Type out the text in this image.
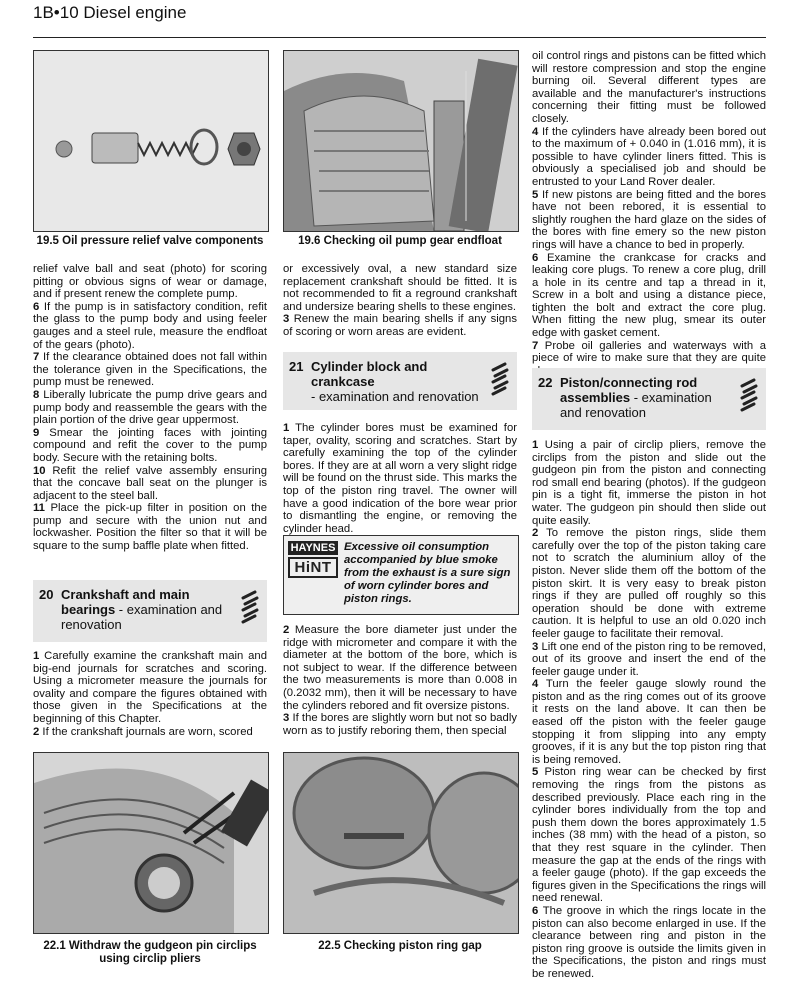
1B•10 Diesel engine
19.5 Oil pressure relief valve components	19.6 Checking oil pump gear endfloat

relief valve ball and seat (photo) for scoring pitting or obvious signs of wear or damage, and if present renew the complete pump.

6 If the pump is in satisfactory condition, refit the glass to the pump body and using feeler gauges and a steel rule, measure the endfloat of the gears (photo).

7 If the clearance obtained does not fall within the tolerance given in the Specifications, the pump must be renewed.

8 Liberally lubricate the pump drive gears and pump body and reassemble the gears with the plain portion of the drive gear uppermost.

9 Smear the jointing faces with jointing compound and refit the cover to the pump body. Secure with the retaining bolts.

10 Refit the relief valve assembly ensuring that the concave ball seat on the plunger is adjacent to the steel ball.

11 Place the pick-up filter in position on the pump and secure with the union nut and lockwasher. Position the filter so that it will be square to the sump baffle plate when fitted.

20 Crankshaft and main bearings - examination and renovation

1 Carefully examine the crankshaft main and big-end journals for scratches and scoring. Using a micrometer measure the journals for ovality and compare the figures obtained with those given in the Specifications at the beginning of this Chapter.

2 If the crankshaft journals are worn, scored

or excessively oval, a new standard size replacement crankshaft should be fitted. It is not recommended to fit a reground crankshaft and undersize bearing shells to these engines.

3 Renew the main bearing shells if any signs of scoring or worn areas are evident.

21 Cylinder block and crankcase
- examination and renovation

1 The cylinder bores must be examined for taper, ovality, scoring and scratches. Start by carefully examining the top of the cylinder bores. If they are at all worn a very slight ridge will be found on the thrust side. This marks the top of the piston ring travel. The owner will have a good indication of the bore wear prior to dismantling the engine, or removing the cylinder head.

HAYNES
HiNT
Excessive oil consumption accompanied by blue smoke from the exhaust is a sure sign of worn cylinder bores and piston rings.

2 Measure the bore diameter just under the ridge with micrometer and compare it with the diameter at the bottom of the bore, which is not subject to wear. If the difference between the two measurements is more than 0.008 in (0.2032 mm), then it will be necessary to have the cylinders rebored and fit oversize pistons.

3 If the bores are slightly worn but not so badly worn as to justify reboring them, then special

22.1 Withdraw the gudgeon pin circlips using circlip pliers
22.5 Checking piston ring gap

oil control rings and pistons can be fitted which will restore compression and stop the engine burning oil. Several different types are available and the manufacturer's instructions concerning their fitting must be followed closely.

4 If the cylinders have already been bored out to the maximum of + 0.040 in (1.016 mm), it is possible to have cylinder liners fitted. This is obviously a specialised job and should be entrusted to your Land Rover dealer.

5 If new pistons are being fitted and the bores have not been rebored, it is essential to slightly roughen the hard glaze on the sides of the bores with fine emery so the new piston rings will have a chance to bed in properly.

6 Examine the crankcase for cracks and leaking core plugs. To renew a core plug, drill a hole in its centre and tap a thread in it, Screw in a bolt and using a distance piece, tighten the bolt and extract the core plug. When fitting the new plug, smear its outer edge with gasket cement.

7 Probe oil galleries and waterways with a piece of wire to make sure that they are quite

22 Piston/connecting rod assemblies - examination and renovation

1 Using a pair of circlip pliers, remove the circlips from the piston and slide out the gudgeon pin from the piston and connecting rod small end bearing (photos). If the gudgeon pin is a tight fit, immerse the piston in hot water. The gudgeon pin should then slide out quite easily.

2 To remove the piston rings, slide them carefully over the top of the piston taking care not to scratch the aluminium alloy of the piston. Never slide them off the bottom of the piston skirt. It is very easy to break piston rings if they are pulled off roughly so this operation should be done with extreme caution. It is helpful to use an old 0.020 inch feeler gauge to facilitate their removal.

3 Lift one end of the piston ring to be removed, out of its groove and insert the end of the feeler gauge under it.

4 Turn the feeler gauge slowly round the piston and as the ring comes out of its groove it rests on the land above. It can then be eased off the piston with the feeler gauge stopping it from slipping into any empty grooves, if it is any but the top piston ring that is being removed.

5 Piston ring wear can be checked by first removing the rings from the pistons as described previously. Place each ring in the cylinder bores individually from the top and push them down the bores approximately 1.5 inches (38 mm) with the head of a piston, so that they rest square in the cylinder. Then measure the gap at the ends of the rings with a feeler gauge (photo). If the gap exceeds the figures given in the Specifications the rings will need renewal.

6 The groove in which the rings locate in the piston can also become enlarged in use. If the clearance between ring and piston in the piston ring groove is outside the limits given in the Specifications, the piston and rings must be renewed.
